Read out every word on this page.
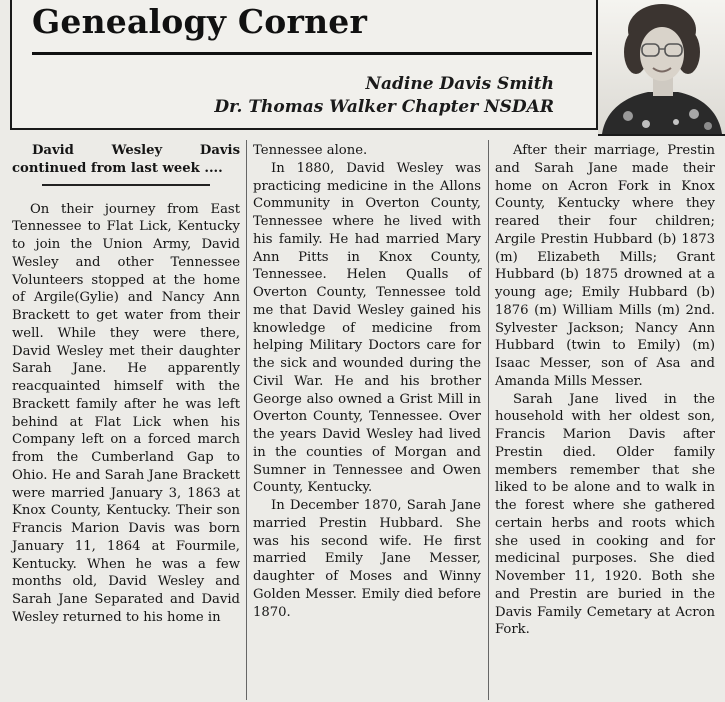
Genealogy Corner
Nadine Davis Smith
Dr. Thomas Walker Chapter NSDAR

David Wesley Davis continued from last week ....

On their journey from East Tennessee to Flat Lick, Kentucky to join the Union Army, David Wesley and other Tennessee Volunteers stopped at the home of Argile(Gylie) and Nancy Ann Brackett to get water from their well. While they were there, David Wesley met their daughter Sarah Jane. He apparently reacquainted himself with the Brackett family after he was left behind at Flat Lick when his Company left on a forced march from the Cumberland Gap to Ohio. He and Sarah Jane Brackett were married January 3, 1863 at Knox County, Kentucky. Their son Francis Marion Davis was born January 11, 1864 at Fourmile, Kentucky. When he was a few months old, David Wesley and Sarah Jane Separated and David Wesley returned to his home in

Tennessee alone.

In 1880, David Wesley was practicing medicine in the Allons Community in Overton County, Tennessee where he lived with his family. He had married Mary Ann Pitts in Knox County, Tennessee. Helen Qualls of Overton County, Tennessee told me that David Wesley gained his knowledge of medicine from helping Military Doctors care for the sick and wounded during the Civil War. He and his brother George also owned a Grist Mill in Overton County, Tennessee. Over the years David Wesley had lived in the counties of Morgan and Sumner in Tennessee and Owen County, Kentucky.

In December 1870, Sarah Jane married Prestin Hubbard. She was his second wife. He first married Emily Jane Messer, daughter of Moses and Winny Golden Messer. Emily died before 1870.

After their marriage, Prestin and Sarah Jane made their home on Acron Fork in Knox County, Kentucky where they reared their four children; Argile Prestin Hubbard (b) 1873 (m) Elizabeth Mills; Grant Hubbard (b) 1875 drowned at a young age; Emily Hubbard (b) 1876 (m) William Mills (m) 2nd. Sylvester Jackson; Nancy Ann Hubbard (twin to Emily) (m) Isaac Messer, son of Asa and Amanda Mills Messer.

Sarah Jane lived in the household with her oldest son, Francis Marion Davis after Prestin died. Older family members remember that she liked to be alone and to walk in the forest where she gathered certain herbs and roots which she used in cooking and for medicinal purposes. She died November 11, 1920. Both she and Prestin are buried in the Davis Family Cemetary at Acron Fork.
